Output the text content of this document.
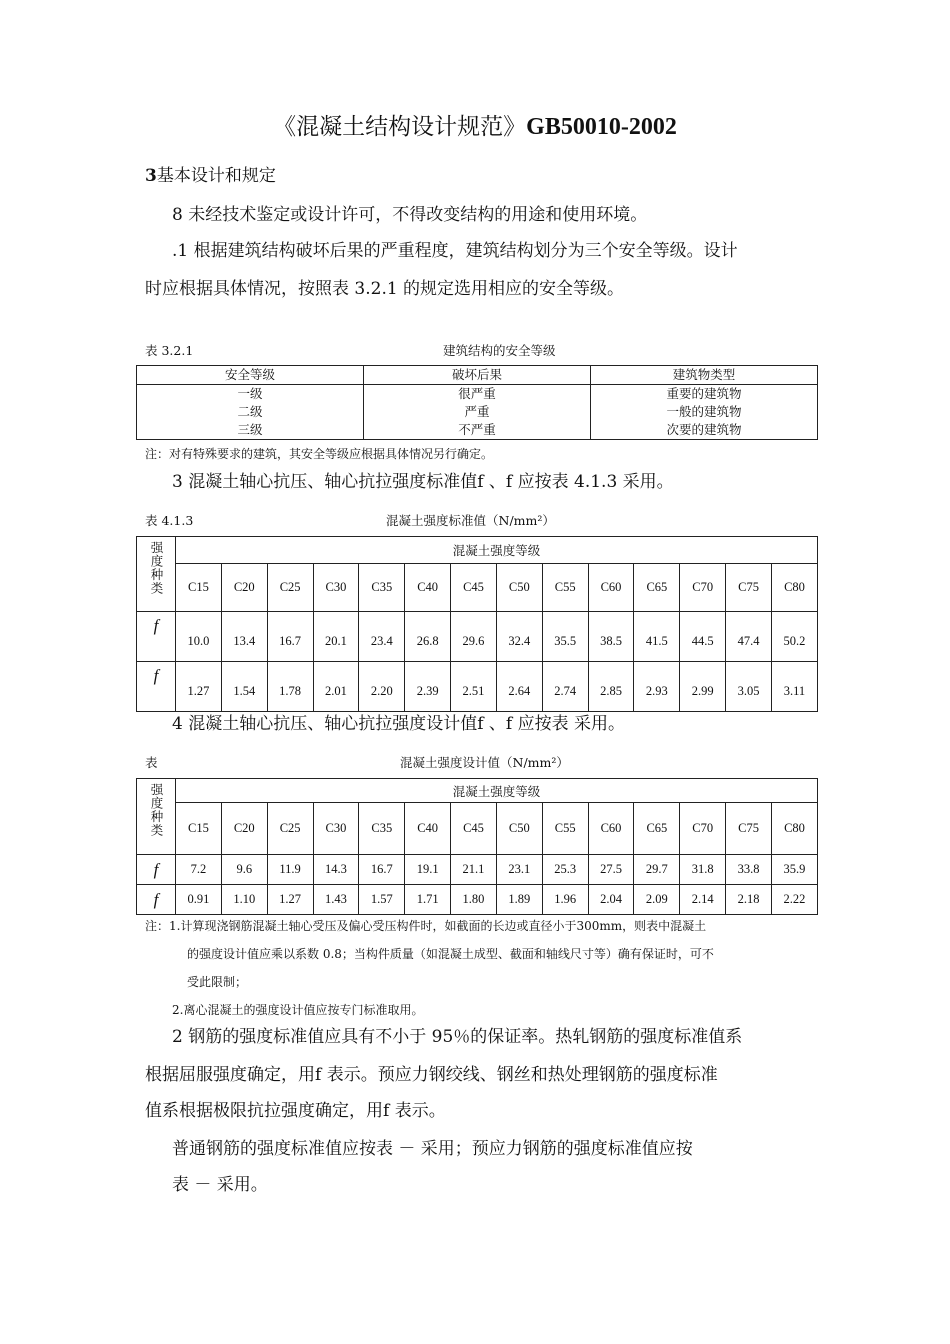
《混凝土结构设计规范》GB50010-2002
3基本设计和规定
8 未经技术鉴定或设计许可，不得改变结构的用途和使用环境。
.1 根据建筑结构破坏后果的严重程度，建筑结构划分为三个安全等级。设计
时应根据具体情况，按照表 3.2.1 的规定选用相应的安全等级。
表 3.2.1	建筑结构的安全等级
安全等级	破坏后果	建筑物类型
一级	很严重	重要的建筑物
二级	严重	一般的建筑物
三级	不严重	次要的建筑物
注：对有特殊要求的建筑，其安全等级应根据具体情况另行确定。
3 混凝土轴心抗压、轴心抗拉强度标准值f 、f 应按表 4.1.3 采用。
表 4.1.3	混凝土强度标准值（N/mm²）
强度种类	混凝土强度等级													
	C15	C20	C25	C30	C35	C40	C45	C50	C55	C60	C65	C70	C75	C80
f	10.0	13.4	16.7	20.1	23.4	26.8	29.6	32.4	35.5	38.5	41.5	44.5	47.4	50.2
f	1.27	1.54	1.78	2.01	2.20	2.39	2.51	2.64	2.74	2.85	2.93	2.99	3.05	3.11
4 混凝土轴心抗压、轴心抗拉强度设计值f 、f 应按表 采用。
表	混凝土强度设计值（N/mm²）
强度种类	混凝土强度等级													
	C15	C20	C25	C30	C35	C40	C45	C50	C55	C60	C65	C70	C75	C80
f	7.2	9.6	11.9	14.3	16.7	19.1	21.1	23.1	25.3	27.5	29.7	31.8	33.8	35.9
f	0.91	1.10	1.27	1.43	1.57	1.71	1.80	1.89	1.96	2.04	2.09	2.14	2.18	2.22
注：1.计算现浇钢筋混凝土轴心受压及偏心受压构件时，如截面的长边或直径小于300mm，则表中混凝土
的强度设计值应乘以系数 0.8；当构件质量（如混凝土成型、截面和轴线尺寸等）确有保证时，可不
受此限制；
2.离心混凝土的强度设计值应按专门标准取用。
2 钢筋的强度标准值应具有不小于 95％的保证率。热轧钢筋的强度标准值系
根据屈服强度确定，用f 表示。预应力钢绞线、钢丝和热处理钢筋的强度标准
值系根据极限抗拉强度确定，用f 表示。
普通钢筋的强度标准值应按表 － 采用；预应力钢筋的强度标准值应按
表 － 采用。
